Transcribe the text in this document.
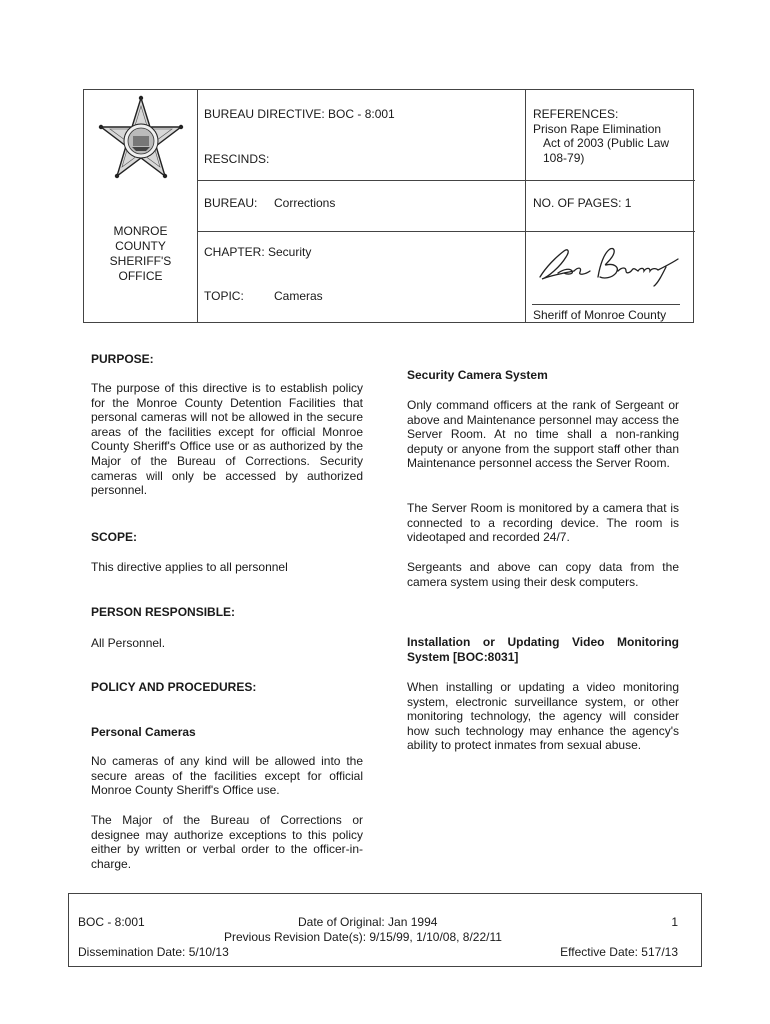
MONROE
COUNTY
SHERIFF'S
OFFICE
BUREAU DIRECTIVE: BOC - 8:001
RESCINDS:
BUREAU: Corrections
CHAPTER: Security
TOPIC:	Cameras
REFERENCES:
Prison Rape Elimination
Act of 2003 (Public Law
108-79)
NO. OF PAGES: 1
Sheriff of Monroe County
PURPOSE:

The purpose of this directive is to establish policy for the Monroe County Detention Facilities that personal cameras will not be allowed in the secure areas of the facilities except for official Monroe County Sheriff's Office use or as authorized by the Major of the Bureau of Corrections. Security cameras will only be accessed by authorized personnel.

SCOPE:

This directive applies to all personnel

PERSON RESPONSIBLE:

All Personnel.

POLICY AND PROCEDURES:
Personal Cameras

No cameras of any kind will be allowed into the secure areas of the facilities except for official Monroe County Sheriff's Office use.

The Major of the Bureau of Corrections or designee may authorize exceptions to this policy either by written or verbal order to the officer-in-charge.

Security Camera System

Only command officers at the rank of Sergeant or above and Maintenance personnel may access the Server Room. At no time shall a non-ranking deputy or anyone from the support staff other than Maintenance personnel access the Server Room.

The Server Room is monitored by a camera that is connected to a recording device. The room is videotaped and recorded 24/7.

Sergeants and above can copy data from the camera system using their desk computers.

Installation or Updating Video Monitoring System [BOC:8031]

When installing or updating a video monitoring system, electronic surveillance system, or other monitoring technology, the agency will consider how such technology may enhance the agency's ability to protect inmates from sexual abuse.

BOC - 8:001	Date of Original: Jan 1994	1
Previous Revision Date(s): 9/15/99, 1/10/08, 8/22/11
Dissemination Date: 5/10/13	Effective Date: 517/13
